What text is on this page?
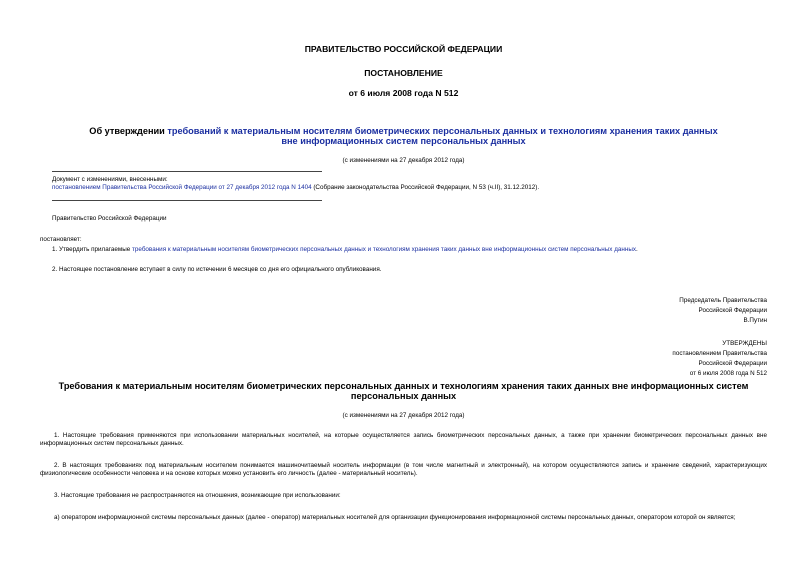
ПРАВИТЕЛЬСТВО РОССИЙСКОЙ ФЕДЕРАЦИИ
ПОСТАНОВЛЕНИЕ
от 6 июля 2008 года N 512
Об утверждении требований к материальным носителям биометрических персональных данных и технологиям хранения таких данных вне информационных систем персональных данных
(с изменениями на 27 декабря 2012 года)
Документ с изменениями, внесенными:
постановлением Правительства Российской Федерации от 27 декабря 2012 года N 1404 (Собрание законодательства Российской Федерации, N 53 (ч.II), 31.12.2012).
Правительство Российской Федерации
постановляет:
1. Утвердить прилагаемые требования к материальным носителям биометрических персональных данных и технологиям хранения таких данных вне информационных систем персональных данных.
2. Настоящее постановление вступает в силу по истечении 6 месяцев со дня его официального опубликования.
Председатель Правительства
Российской Федерации
В.Путин
УТВЕРЖДЕНЫ
постановлением Правительства
Российской Федерации
от 6 июля 2008 года N 512
Требования к материальным носителям биометрических персональных данных и технологиям хранения таких данных вне информационных систем персональных данных
(с изменениями на 27 декабря 2012 года)
1. Настоящие требования применяются при использовании материальных носителей, на которые осуществляется запись биометрических персональных данных, а также при хранении биометрических персональных данных вне информационных систем персональных данных.
2. В настоящих требованиях под материальным носителем понимается машиночитаемый носитель информации (в том числе магнитный и электронный), на котором осуществляются запись и хранение сведений, характеризующих физиологические особенности человека и на основе которых можно установить его личность (далее - материальный носитель).
3. Настоящие требования не распространяются на отношения, возникающие при использовании:
а) оператором информационной системы персональных данных (далее - оператор) материальных носителей для организации функционирования информационной системы персональных данных, оператором которой он является;
